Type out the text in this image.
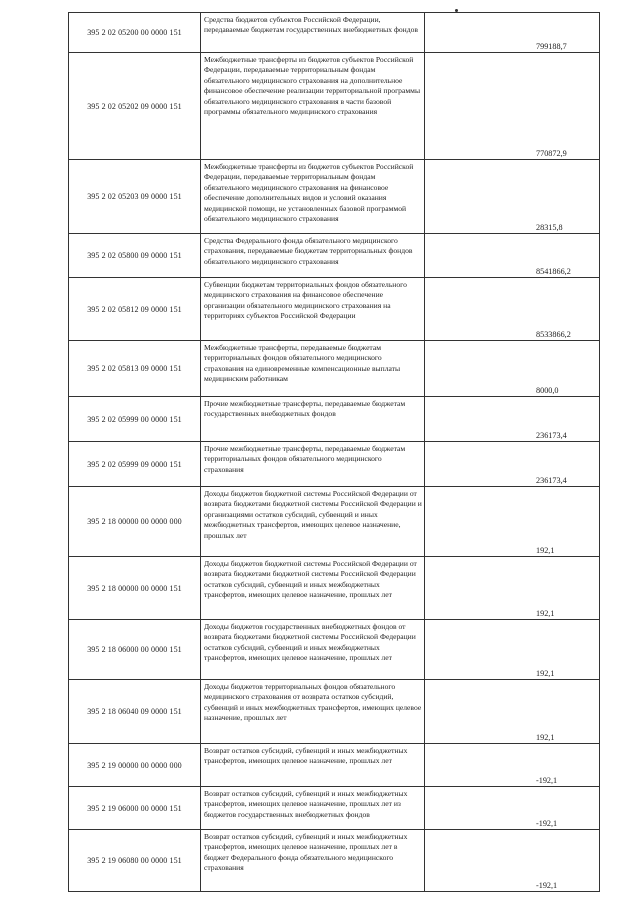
395 2 02 05200 00 0000 151	Средства бюджетов субъектов Российской Федерации, передаваемые бюджетам государственных внебюджетных фондов	799188,7

395 2 02 05202 09 0000 151	Межбюджетные трансферты из бюджетов субъектов Российской Федерации, передаваемые территориальным фондам обязательного медицинского страхования на дополнительное финансовое обеспечение реализации территориальной программы обязательного медицинского страхования в части базовой программы обязательного медицинского страхования	770872,9

395 2 02 05203 09 0000 151	Межбюджетные трансферты из бюджетов субъектов Российской Федерации, передаваемые территориальным фондам обязательного медицинского страхования на финансовое обеспечение дополнительных видов и условий оказания медицинской помощи, не установленных базовой программой обязательного медицинского страхования	28315,8

395 2 02 05800 09 0000 151	Средства Федерального фонда обязательного медицинского страхования, передаваемые бюджетам территориальных фондов обязательного медицинского страхования	8541866,2

395 2 02 05812 09 0000 151	Субвенции бюджетам территориальных фондов обязательного медицинского страхования на финансовое обеспечение организации обязательного медицинского страхования на территориях субъектов Российской Федерации	8533866,2

395 2 02 05813 09 0000 151	Межбюджетные трансферты, передаваемые бюджетам территориальных фондов обязательного медицинского страхования на единовременные компенсационные выплаты медицинским работникам	8000,0

395 2 02 05999 00 0000 151	Прочие межбюджетные трансферты, передаваемые бюджетам государственных внебюджетных фондов	236173,4

395 2 02 05999 09 0000 151	Прочие межбюджетные трансферты, передаваемые бюджетам территориальных фондов обязательного медицинского страхования	236173,4

395 2 18 00000 00 0000 000	Доходы бюджетов бюджетной системы Российской Федерации от возврата бюджетами бюджетной системы Российской Федерации и организациями остатков субсидий, субвенций и иных межбюджетных трансфертов, имеющих целевое назначение, прошлых лет	192,1

395 2 18 00000 00 0000 151	Доходы бюджетов бюджетной системы Российской Федерации от возврата бюджетами бюджетной системы Российской Федерации остатков субсидий, субвенций и иных межбюджетных трансфертов, имеющих целевое назначение, прошлых лет	192,1

395 2 18 06000 00 0000 151	Доходы бюджетов государственных внебюджетных фондов от возврата бюджетами бюджетной системы Российской Федерации остатков субсидий, субвенций и иных межбюджетных трансфертов, имеющих целевое назначение, прошлых лет	192,1

395 2 18 06040 09 0000 151	Доходы бюджетов территориальных фондов обязательного медицинского страхования от возврата остатков субсидий, субвенций и иных межбюджетных трансфертов, имеющих целевое назначение, прошлых лет	192,1

395 2 19 00000 00 0000 000	Возврат остатков субсидий, субвенций и иных межбюджетных трансфертов, имеющих целевое назначение, прошлых лет	-192,1

395 2 19 06000 00 0000 151	Возврат остатков субсидий, субвенций и иных межбюджетных трансфертов, имеющих целевое назначение, прошлых лет из бюджетов государственных внебюджетных фондов	-192,1

395 2 19 06080 00 0000 151	Возврат остатков субсидий, субвенций и иных межбюджетных трансфертов, имеющих целевое назначение, прошлых лет в бюджет Федерального фонда обязательного медицинского страхования	-192,1
